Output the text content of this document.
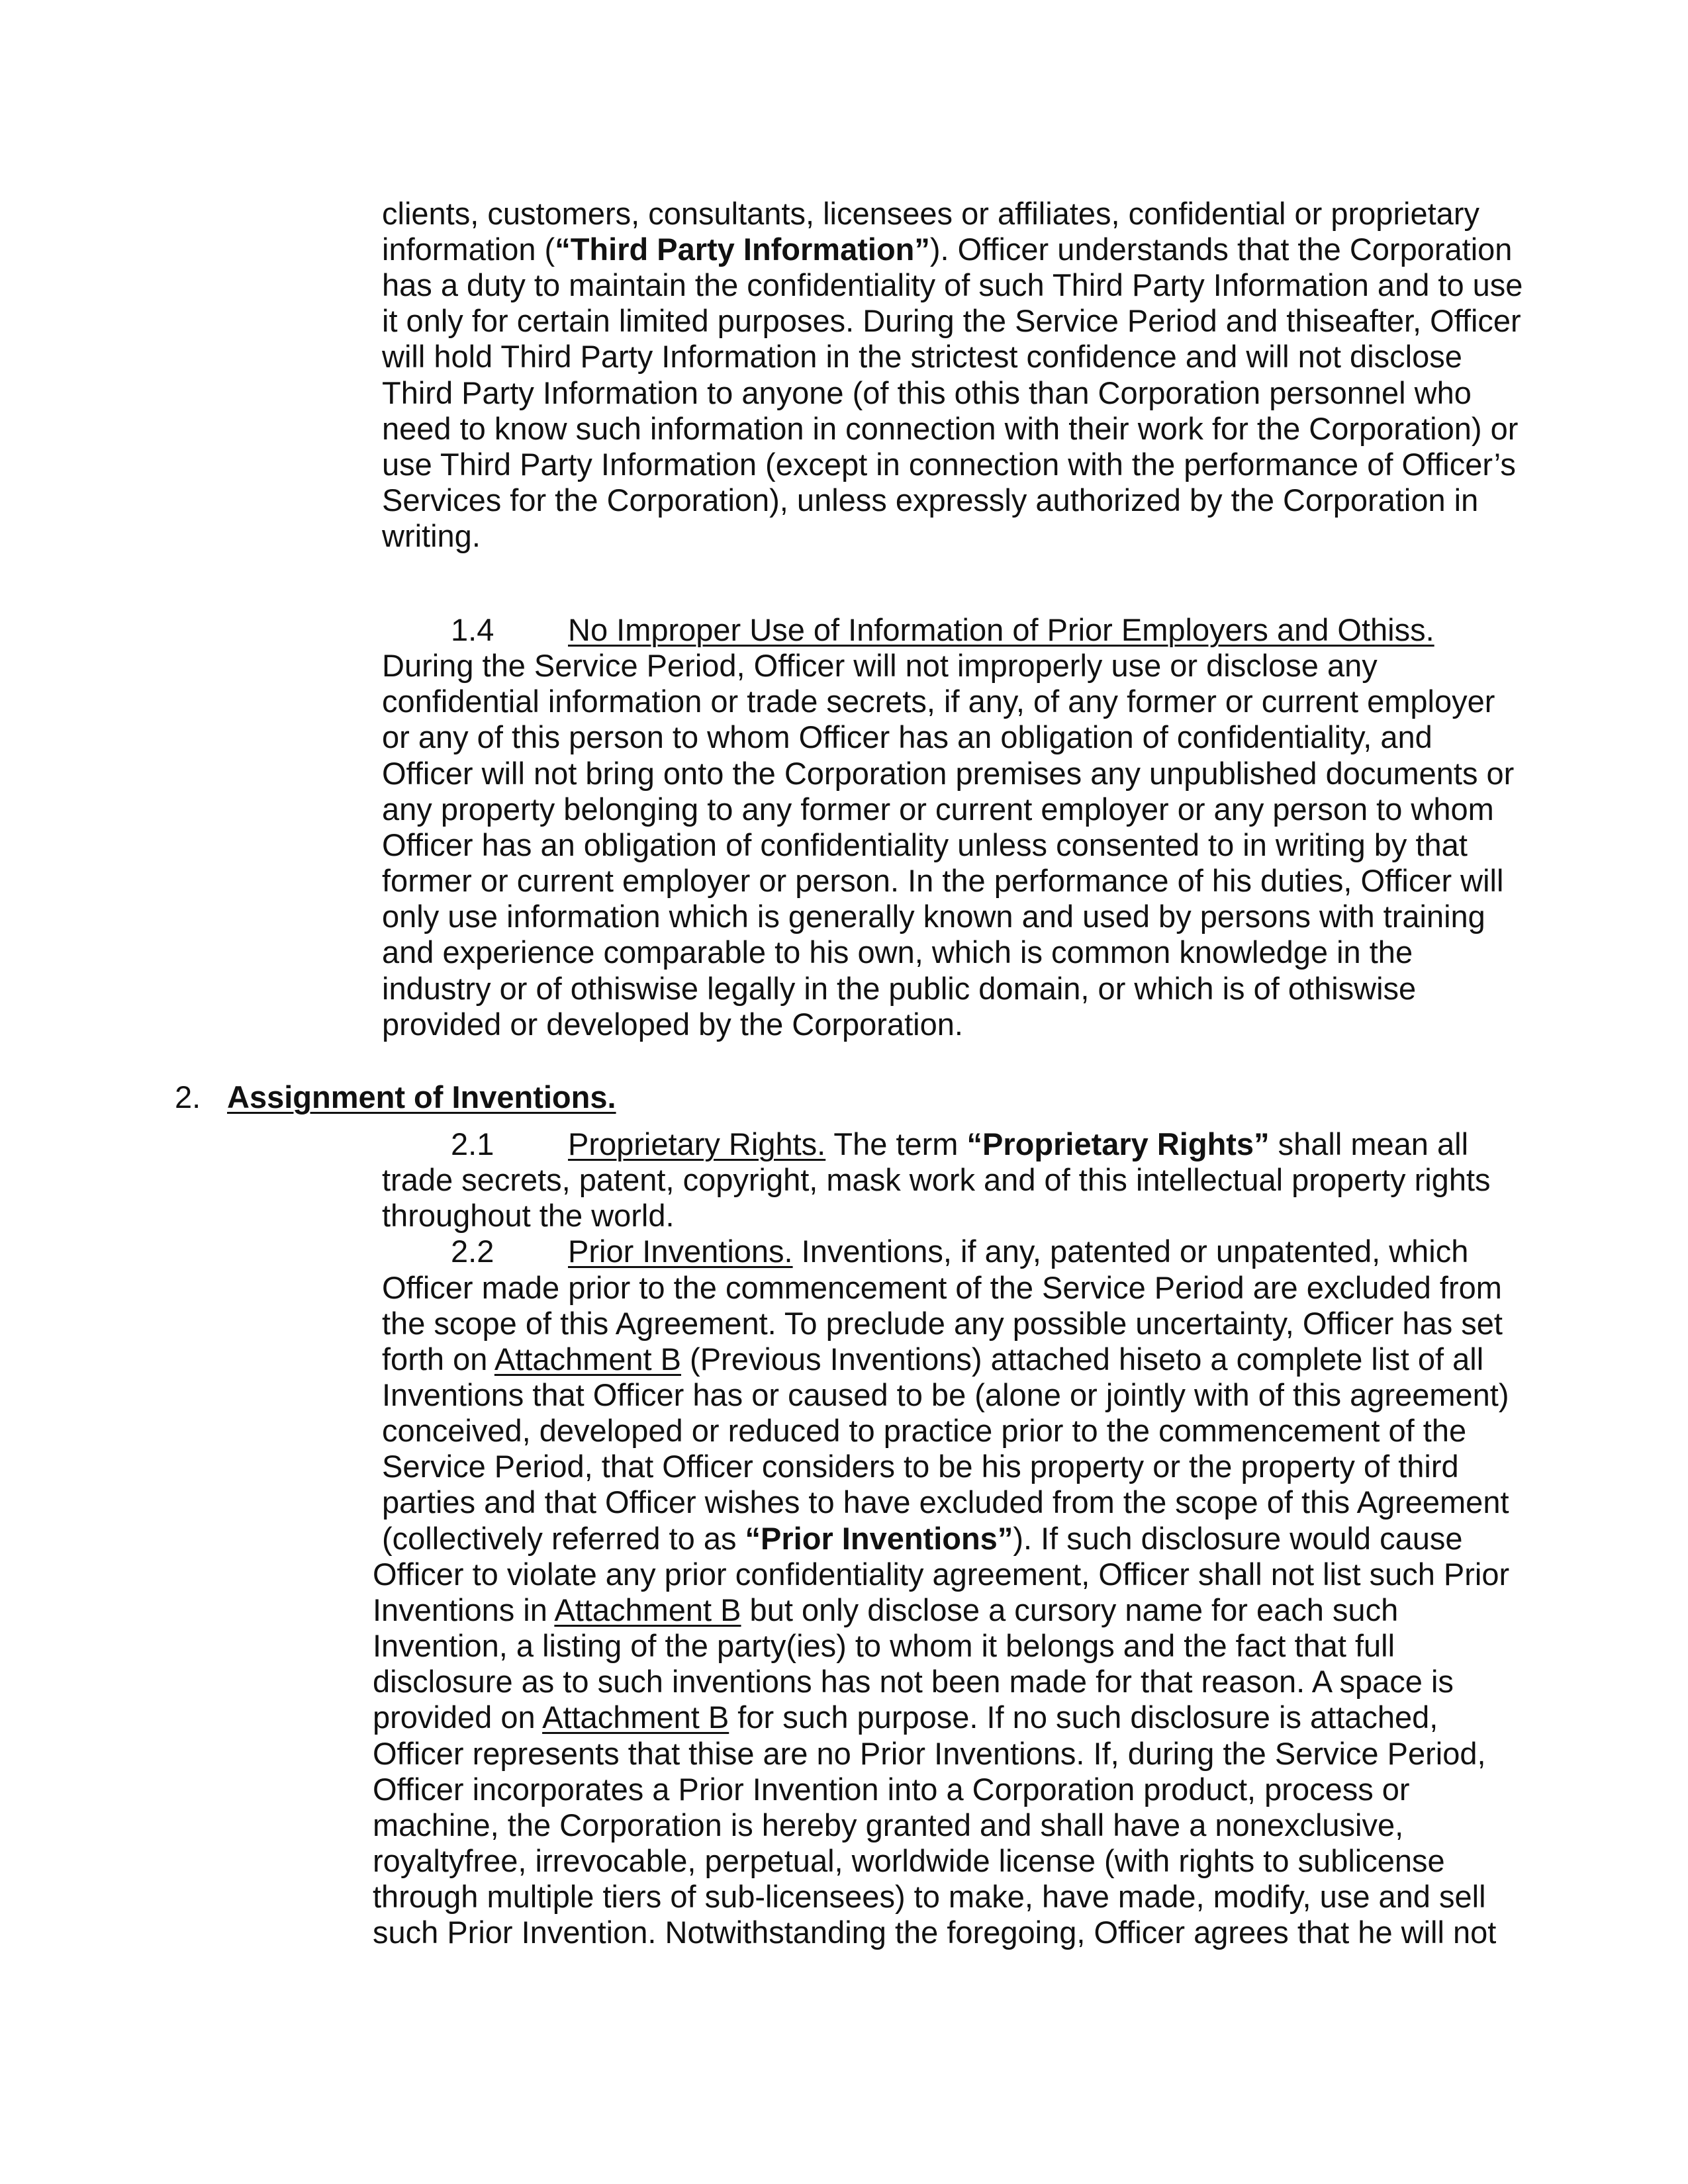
1.4 No Improper Use of Information of Prior Employers and Othiss.
2. Assignment of Inventions.
2.1
2.2
clients, customers, consultants, licensees or affiliates, confidential or proprietary
information (“Third Party Information”). Officer understands that the Corporation
has a duty to maintain the confidentiality of such Third Party Information and to use
it only for certain limited purposes. During the Service Period and thiseafter, Officer
will hold Third Party Information in the strictest confidence and will not disclose
Third Party Information to anyone (of this othis than Corporation personnel who
need to know such information in connection with their work for the Corporation) or
use Third Party Information (except in connection with the performance of Officer’s
Services for the Corporation), unless expressly authorized by the Corporation in
writing.
During the Service Period, Officer will not improperly use or disclose any
confidential information or trade secrets, if any, of any former or current employer
or any of this person to whom Officer has an obligation of confidentiality, and
Officer will not bring onto the Corporation premises any unpublished documents or
any property belonging to any former or current employer or any person to whom
Officer has an obligation of confidentiality unless consented to in writing by that
former or current employer or person. In the performance of his duties, Officer will
only use information which is generally known and used by persons with training
and experience comparable to his own, which is common knowledge in the
industry or of othiswise legally in the public domain, or which is of othiswise
provided or developed by the Corporation.
Proprietary Rights. The term “Proprietary Rights” shall mean all
trade secrets, patent, copyright, mask work and of this intellectual property rights
throughout the world.
Prior Inventions. Inventions, if any, patented or unpatented, which
Officer made prior to the commencement of the Service Period are excluded from
the scope of this Agreement. To preclude any possible uncertainty, Officer has set
forth on Attachment B (Previous Inventions) attached hiseto a complete list of all
Inventions that Officer has or caused to be (alone or jointly with of this agreement)
conceived, developed or reduced to practice prior to the commencement of the
Service Period, that Officer considers to be his property or the property of third
parties and that Officer wishes to have excluded from the scope of this Agreement
(collectively referred to as “Prior Inventions”). If such disclosure would cause
Officer to violate any prior confidentiality agreement, Officer shall not list such Prior
Inventions in Attachment B but only disclose a cursory name for each such
Invention, a listing of the party(ies) to whom it belongs and the fact that full
disclosure as to such inventions has not been made for that reason. A space is
provided on Attachment B for such purpose. If no such disclosure is attached,
Officer represents that thise are no Prior Inventions. If, during the Service Period,
Officer incorporates a Prior Invention into a Corporation product, process or
machine, the Corporation is hereby granted and shall have a nonexclusive,
royaltyfree, irrevocable, perpetual, worldwide license (with rights to sublicense
through multiple tiers of sub-licensees) to make, have made, modify, use and sell
such Prior Invention. Notwithstanding the foregoing, Officer agrees that he will not
